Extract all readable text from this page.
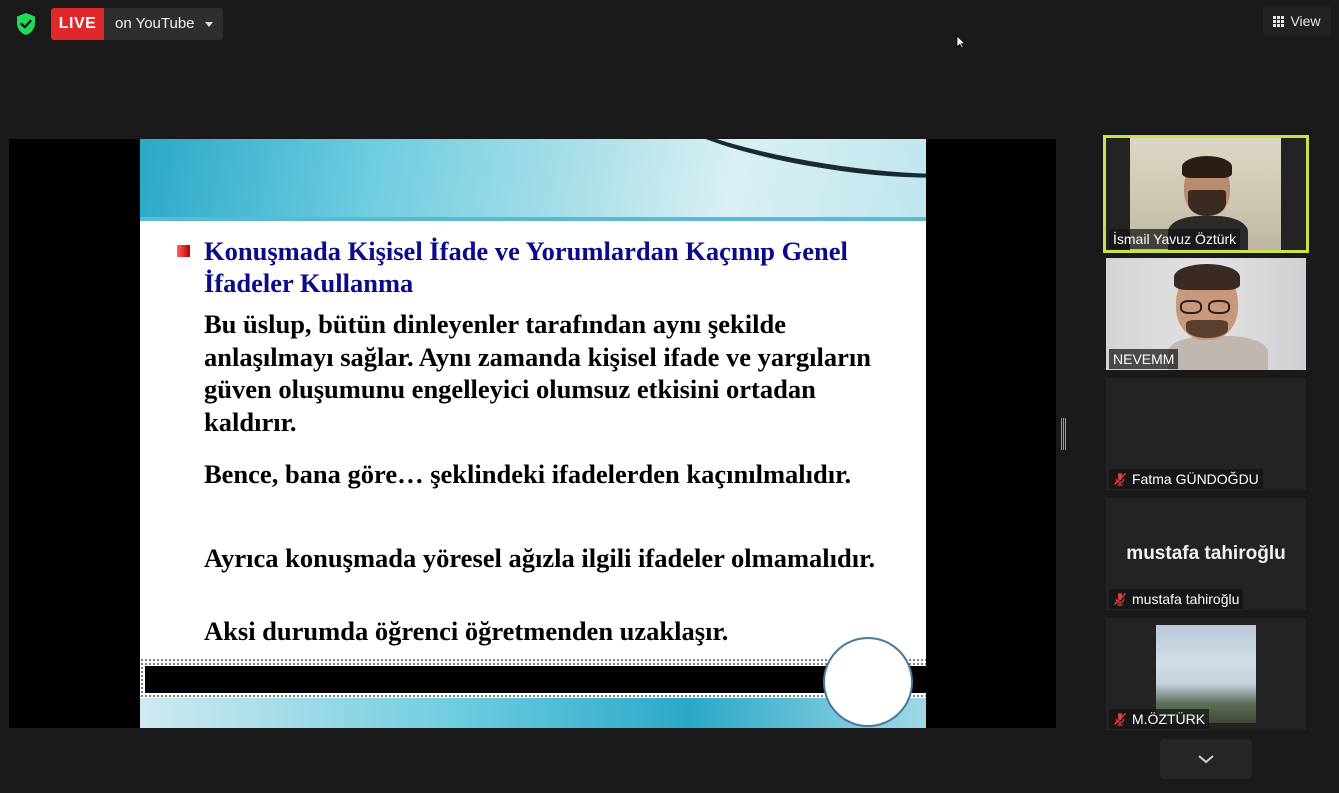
LIVE	on YouTube	View
Konuşmada Kişisel İfade ve Yorumlardan Kaçınıp Genel İfadeler Kullanma
Bu üslup, bütün dinleyenler tarafından aynı şekilde anlaşılmayı sağlar. Aynı zamanda kişisel ifade ve yargıların güven oluşumunu engelleyici olumsuz etkisini ortadan kaldırır.
Bence, bana göre… şeklindeki ifadelerden kaçınılmalıdır.
Ayrıca konuşmada yöresel ağızla ilgili ifadeler olmamalıdır.
Aksi durumda öğrenci öğretmenden uzaklaşır.
İsmail Yavuz Öztürk
NEVEMM
Fatma GÜNDOĞDU
mustafa tahiroğlu
mustafa tahiroğlu
M.ÖZTÜRK
